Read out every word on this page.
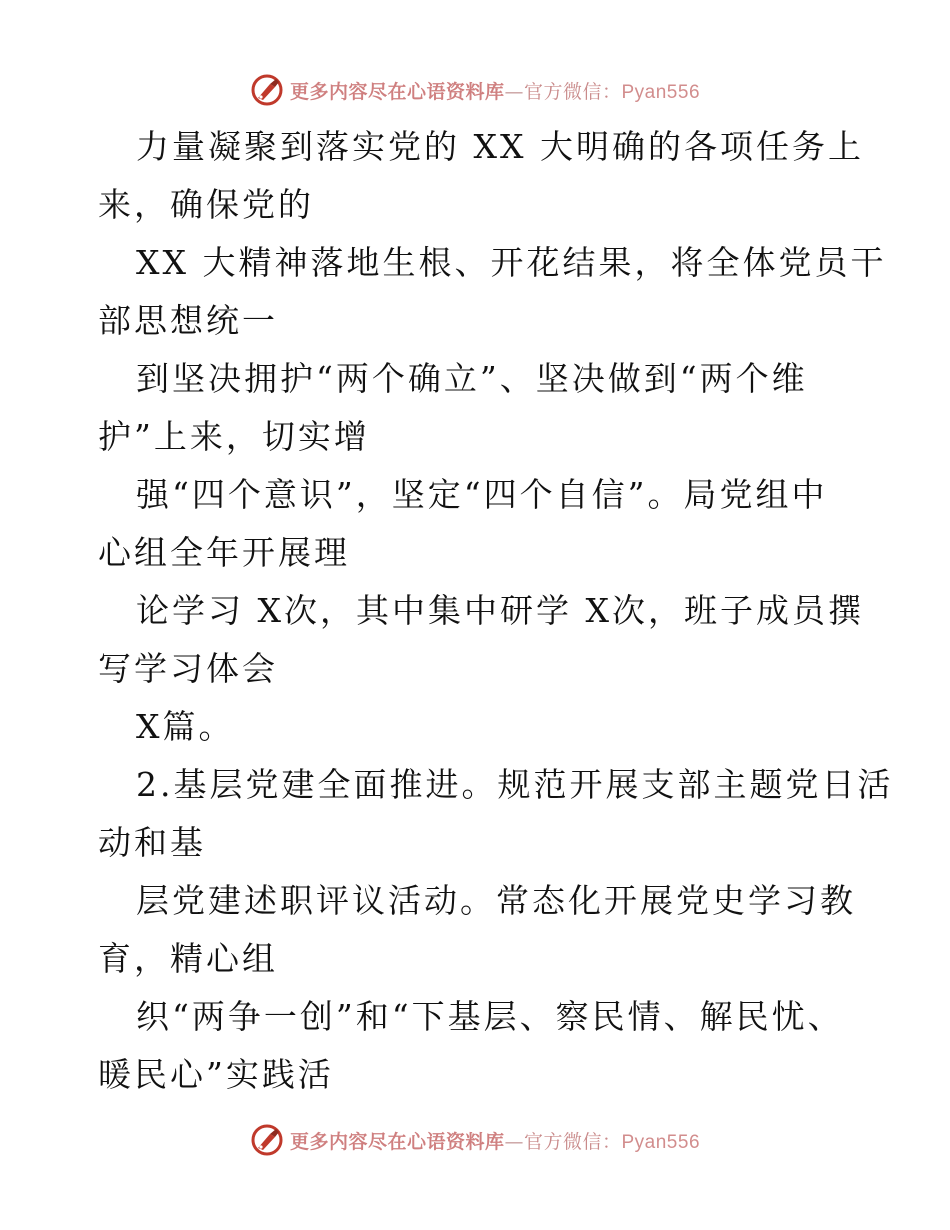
更多内容尽在心语资料库—官方微信：Pyan556
力量凝聚到落实党的 XX 大明确的各项任务上
来，确保党的
XX 大精神落地生根、开花结果，将全体党员干
部思想统一
到坚决拥护“两个确立”、坚决做到“两个维
护”上来，切实增
强“四个意识”，坚定“四个自信”。局党组中
心组全年开展理
论学习 X次，其中集中研学 X次，班子成员撰
写学习体会
X篇。
2.基层党建全面推进。规范开展支部主题党日活
动和基
层党建述职评议活动。常态化开展党史学习教
育，精心组
织“两争一创”和“下基层、察民情、解民忧、
暖民心”实践活
更多内容尽在心语资料库—官方微信：Pyan556
